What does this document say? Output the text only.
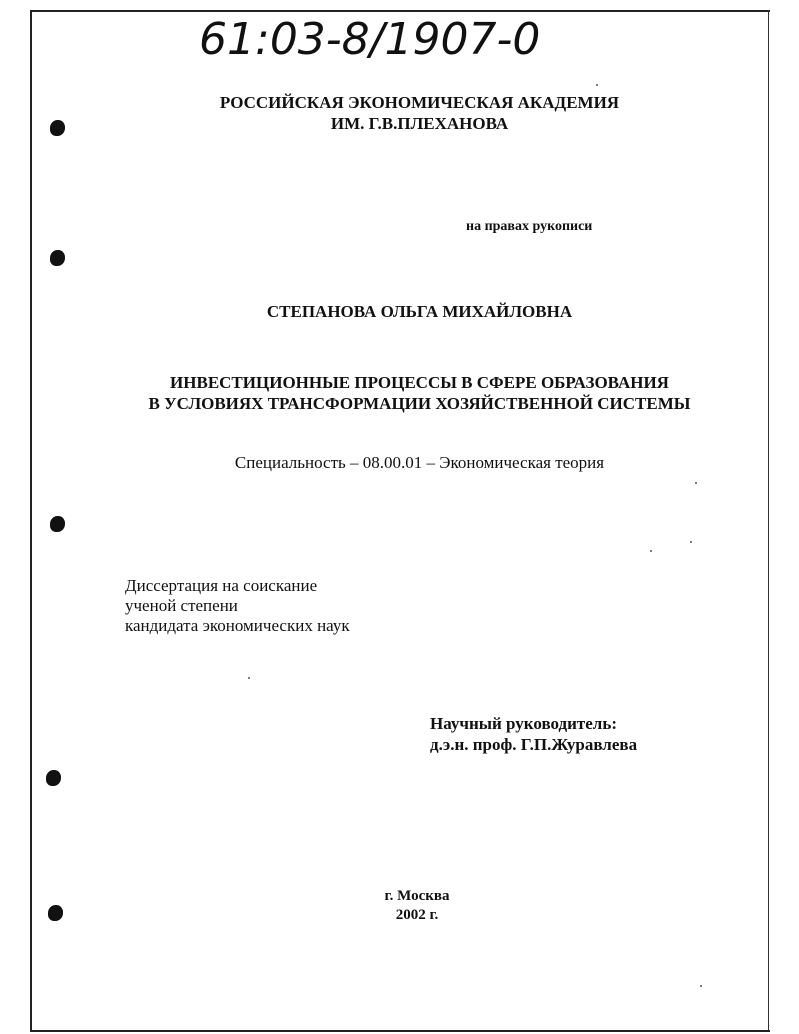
61:03-8/1907-0
РОССИЙСКАЯ ЭКОНОМИЧЕСКАЯ АКАДЕМИЯ
ИМ. Г.В.ПЛЕХАНОВА
на правах рукописи
СТЕПАНОВА ОЛЬГА МИХАЙЛОВНА
ИНВЕСТИЦИОННЫЕ ПРОЦЕССЫ В СФЕРЕ ОБРАЗОВАНИЯ
В УСЛОВИЯХ ТРАНСФОРМАЦИИ ХОЗЯЙСТВЕННОЙ СИСТЕМЫ
Специальность – 08.00.01 – Экономическая теория
Диссертация на соискание
ученой степени
кандидата экономических наук
Научный руководитель:
д.э.н. проф. Г.П.Журавлева
г. Москва
2002 г.
